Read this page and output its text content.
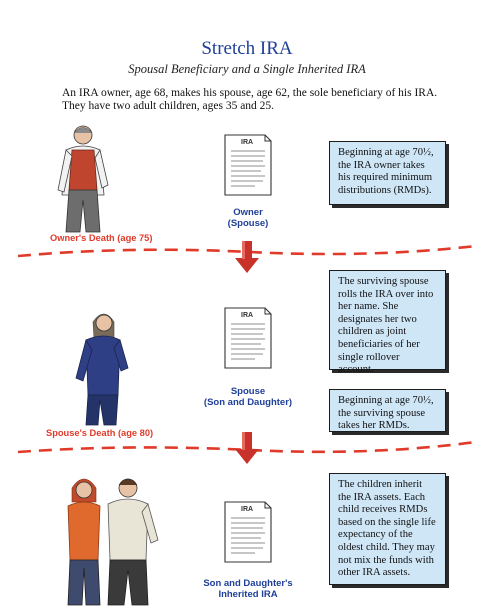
Stretch IRA
Spousal Beneficiary and a Single Inherited IRA
An IRA owner, age 68, makes his spouse, age 62, the sole beneficiary of his IRA. They have two adult children, ages 35 and 25.
IRA
IRA
IRA
Owner
(Spouse)
Spouse
(Son and Daughter)
Son and Daughter's
Inherited IRA
Owner's Death (age 75)
Spouse's Death (age 80)
Beginning at age 70½, the IRA owner takes his required minimum distributions (RMDs).
The surviving spouse rolls the IRA over into her name. She designates her two children as joint beneficiaries of her single rollover account.
Beginning at age 70½, the surviving spouse takes her RMDs.
The children inherit the IRA assets. Each child receives RMDs based on the single life expectancy of the oldest child. They may not mix the funds with other IRA assets.
